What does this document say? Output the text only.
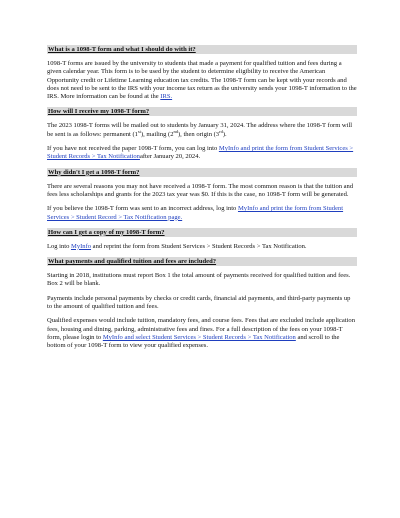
What is a 1098-T form and what I should do with it?

1098-T forms are issued by the university to students that made a payment for qualified tuition and fees during a given calendar year. This form is to be used by the student to determine eligibility to receive the American Opportunity credit or Lifetime Learning education tax credits. The 1098-T form can be kept with your records and does not need to be sent to the IRS with your income tax return as the university sends your 1098-T information to the IRS. More information can be found at the IRS.

How will I receive my 1098-T form?

The 2023 1098-T forms will be mailed out to students by January 31, 2024. The address where the 1098-T form will be sent is as follows: permanent (1st), mailing (2nd), then origin (3rd).

If you have not received the paper 1098-T form, you can log into MyInfo and print the form from Student Services > Student Records > Tax Notificationafter January 20, 2024.

Why didn't I get a 1098-T form?

There are several reasons you may not have received a 1098-T form. The most common reason is that the tuition and fees less scholarships and grants for the 2023 tax year was $0. If this is the case, no 1098-T form will be generated.

If you believe the 1098-T form was sent to an incorrect address, log into MyInfo and print the form from Student Services > Student Record > Tax Notification page.

How can I get a copy of my 1098-T form?

Log into MyInfo and reprint the form from Student Services > Student Records > Tax Notification.

What payments and qualified tuition and fees are included?

Starting in 2018, institutions must report Box 1 the total amount of payments received for qualified tuition and fees. Box 2 will be blank.

Payments include personal payments by checks or credit cards, financial aid payments, and third-party payments up to the amount of qualified tuition and fees.

Qualified expenses would include tuition, mandatory fees, and course fees. Fees that are excluded include application fees, housing and dining, parking, administrative fees and fines. For a full description of the fees on your 1098-T form, please login to MyInfo and select Student Services > Student Records > Tax Notification and scroll to the bottom of your 1098-T form to view your qualified expenses.
